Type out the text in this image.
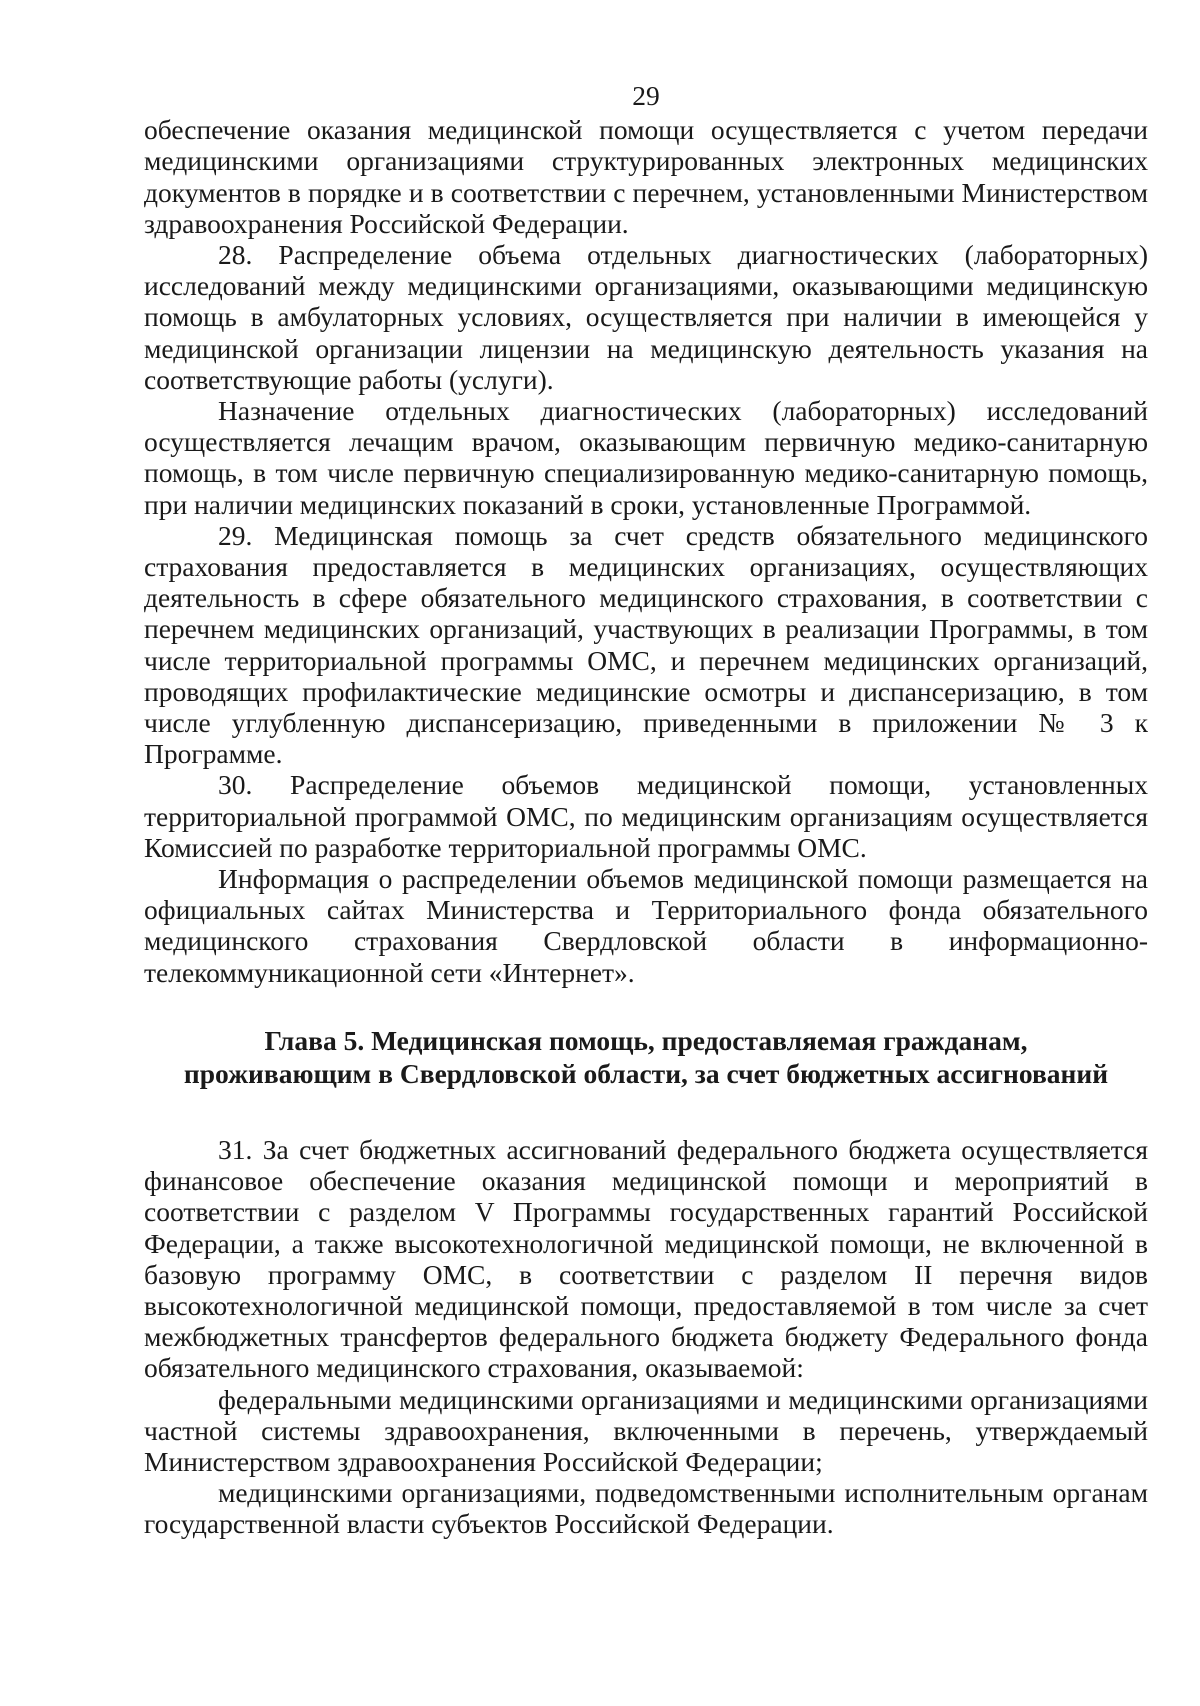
29

обеспечение оказания медицинской помощи осуществляется с учетом передачи медицинскими организациями структурированных электронных медицинских документов в порядке и в соответствии с перечнем, установленными Министерством здравоохранения Российской Федерации.

28. Распределение объема отдельных диагностических (лабораторных) исследований между медицинскими организациями, оказывающими медицинскую помощь в амбулаторных условиях, осуществляется при наличии в имеющейся у медицинской организации лицензии на медицинскую деятельность указания на соответствующие работы (услуги).

Назначение отдельных диагностических (лабораторных) исследований осуществляется лечащим врачом, оказывающим первичную медико-санитарную помощь, в том числе первичную специализированную медико-санитарную помощь, при наличии медицинских показаний в сроки, установленные Программой.

29. Медицинская помощь за счет средств обязательного медицинского страхования предоставляется в медицинских организациях, осуществляющих деятельность в сфере обязательного медицинского страхования, в соответствии с перечнем медицинских организаций, участвующих в реализации Программы, в том числе территориальной программы ОМС, и перечнем медицинских организаций, проводящих профилактические медицинские осмотры и диспансеризацию, в том числе углубленную диспансеризацию, приведенными в приложении № 3 к Программе.

30. Распределение объемов медицинской помощи, установленных территориальной программой ОМС, по медицинским организациям осуществляется Комиссией по разработке территориальной программы ОМС.

Информация о распределении объемов медицинской помощи размещается на официальных сайтах Министерства и Территориального фонда обязательного медицинского страхования Свердловской области в информационно-телекоммуникационной сети «Интернет».

Глава 5. Медицинская помощь, предоставляемая гражданам,
проживающим в Свердловской области, за счет бюджетных ассигнований

31. За счет бюджетных ассигнований федерального бюджета осуществляется финансовое обеспечение оказания медицинской помощи и мероприятий в соответствии с разделом V Программы государственных гарантий Российской Федерации, а также высокотехнологичной медицинской помощи, не включенной в базовую программу ОМС, в соответствии с разделом II перечня видов высокотехнологичной медицинской помощи, предоставляемой в том числе за счет межбюджетных трансфертов федерального бюджета бюджету Федерального фонда обязательного медицинского страхования, оказываемой:

федеральными медицинскими организациями и медицинскими организациями частной системы здравоохранения, включенными в перечень, утверждаемый Министерством здравоохранения Российской Федерации;

медицинскими организациями, подведомственными исполнительным органам государственной власти субъектов Российской Федерации.
